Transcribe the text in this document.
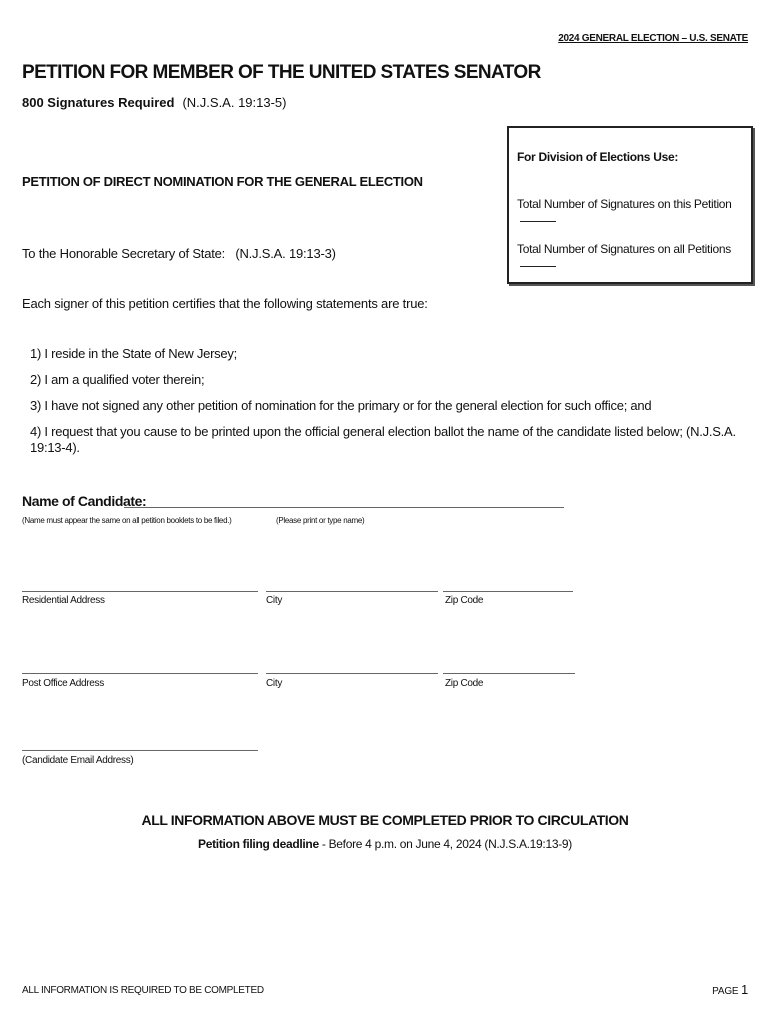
2024 GENERAL ELECTION – U.S. SENATE
PETITION FOR MEMBER OF THE UNITED STATES SENATOR
800 Signatures Required (N.J.S.A. 19:13-5)
For Division of Elections Use:
Total Number of Signatures on this Petition
Total Number of Signatures on all Petitions
PETITION OF DIRECT NOMINATION FOR THE GENERAL ELECTION
To the Honorable Secretary of State:   (N.J.S.A. 19:13-3)
Each signer of this petition certifies that the following statements are true:
1) I reside in the State of New Jersey;
2) I am a qualified voter therein;
3) I have not signed any other petition of nomination for the primary or for the general election for such office; and
4) I request that you cause to be printed upon the official general election ballot the name of the candidate listed below; (N.J.S.A. 19:13-4).
Name of Candidate:
(Name must appear the same on all petition booklets to be filed.)	(Please print or type name)
Residential Address	City	Zip Code
Post Office Address	City	Zip Code
(Candidate Email Address)
ALL INFORMATION ABOVE MUST BE COMPLETED PRIOR TO CIRCULATION
Petition filing deadline - Before 4 p.m. on June 4, 2024 (N.J.S.A.19:13-9)
ALL INFORMATION IS REQUIRED TO BE COMPLETED	PAGE 1
